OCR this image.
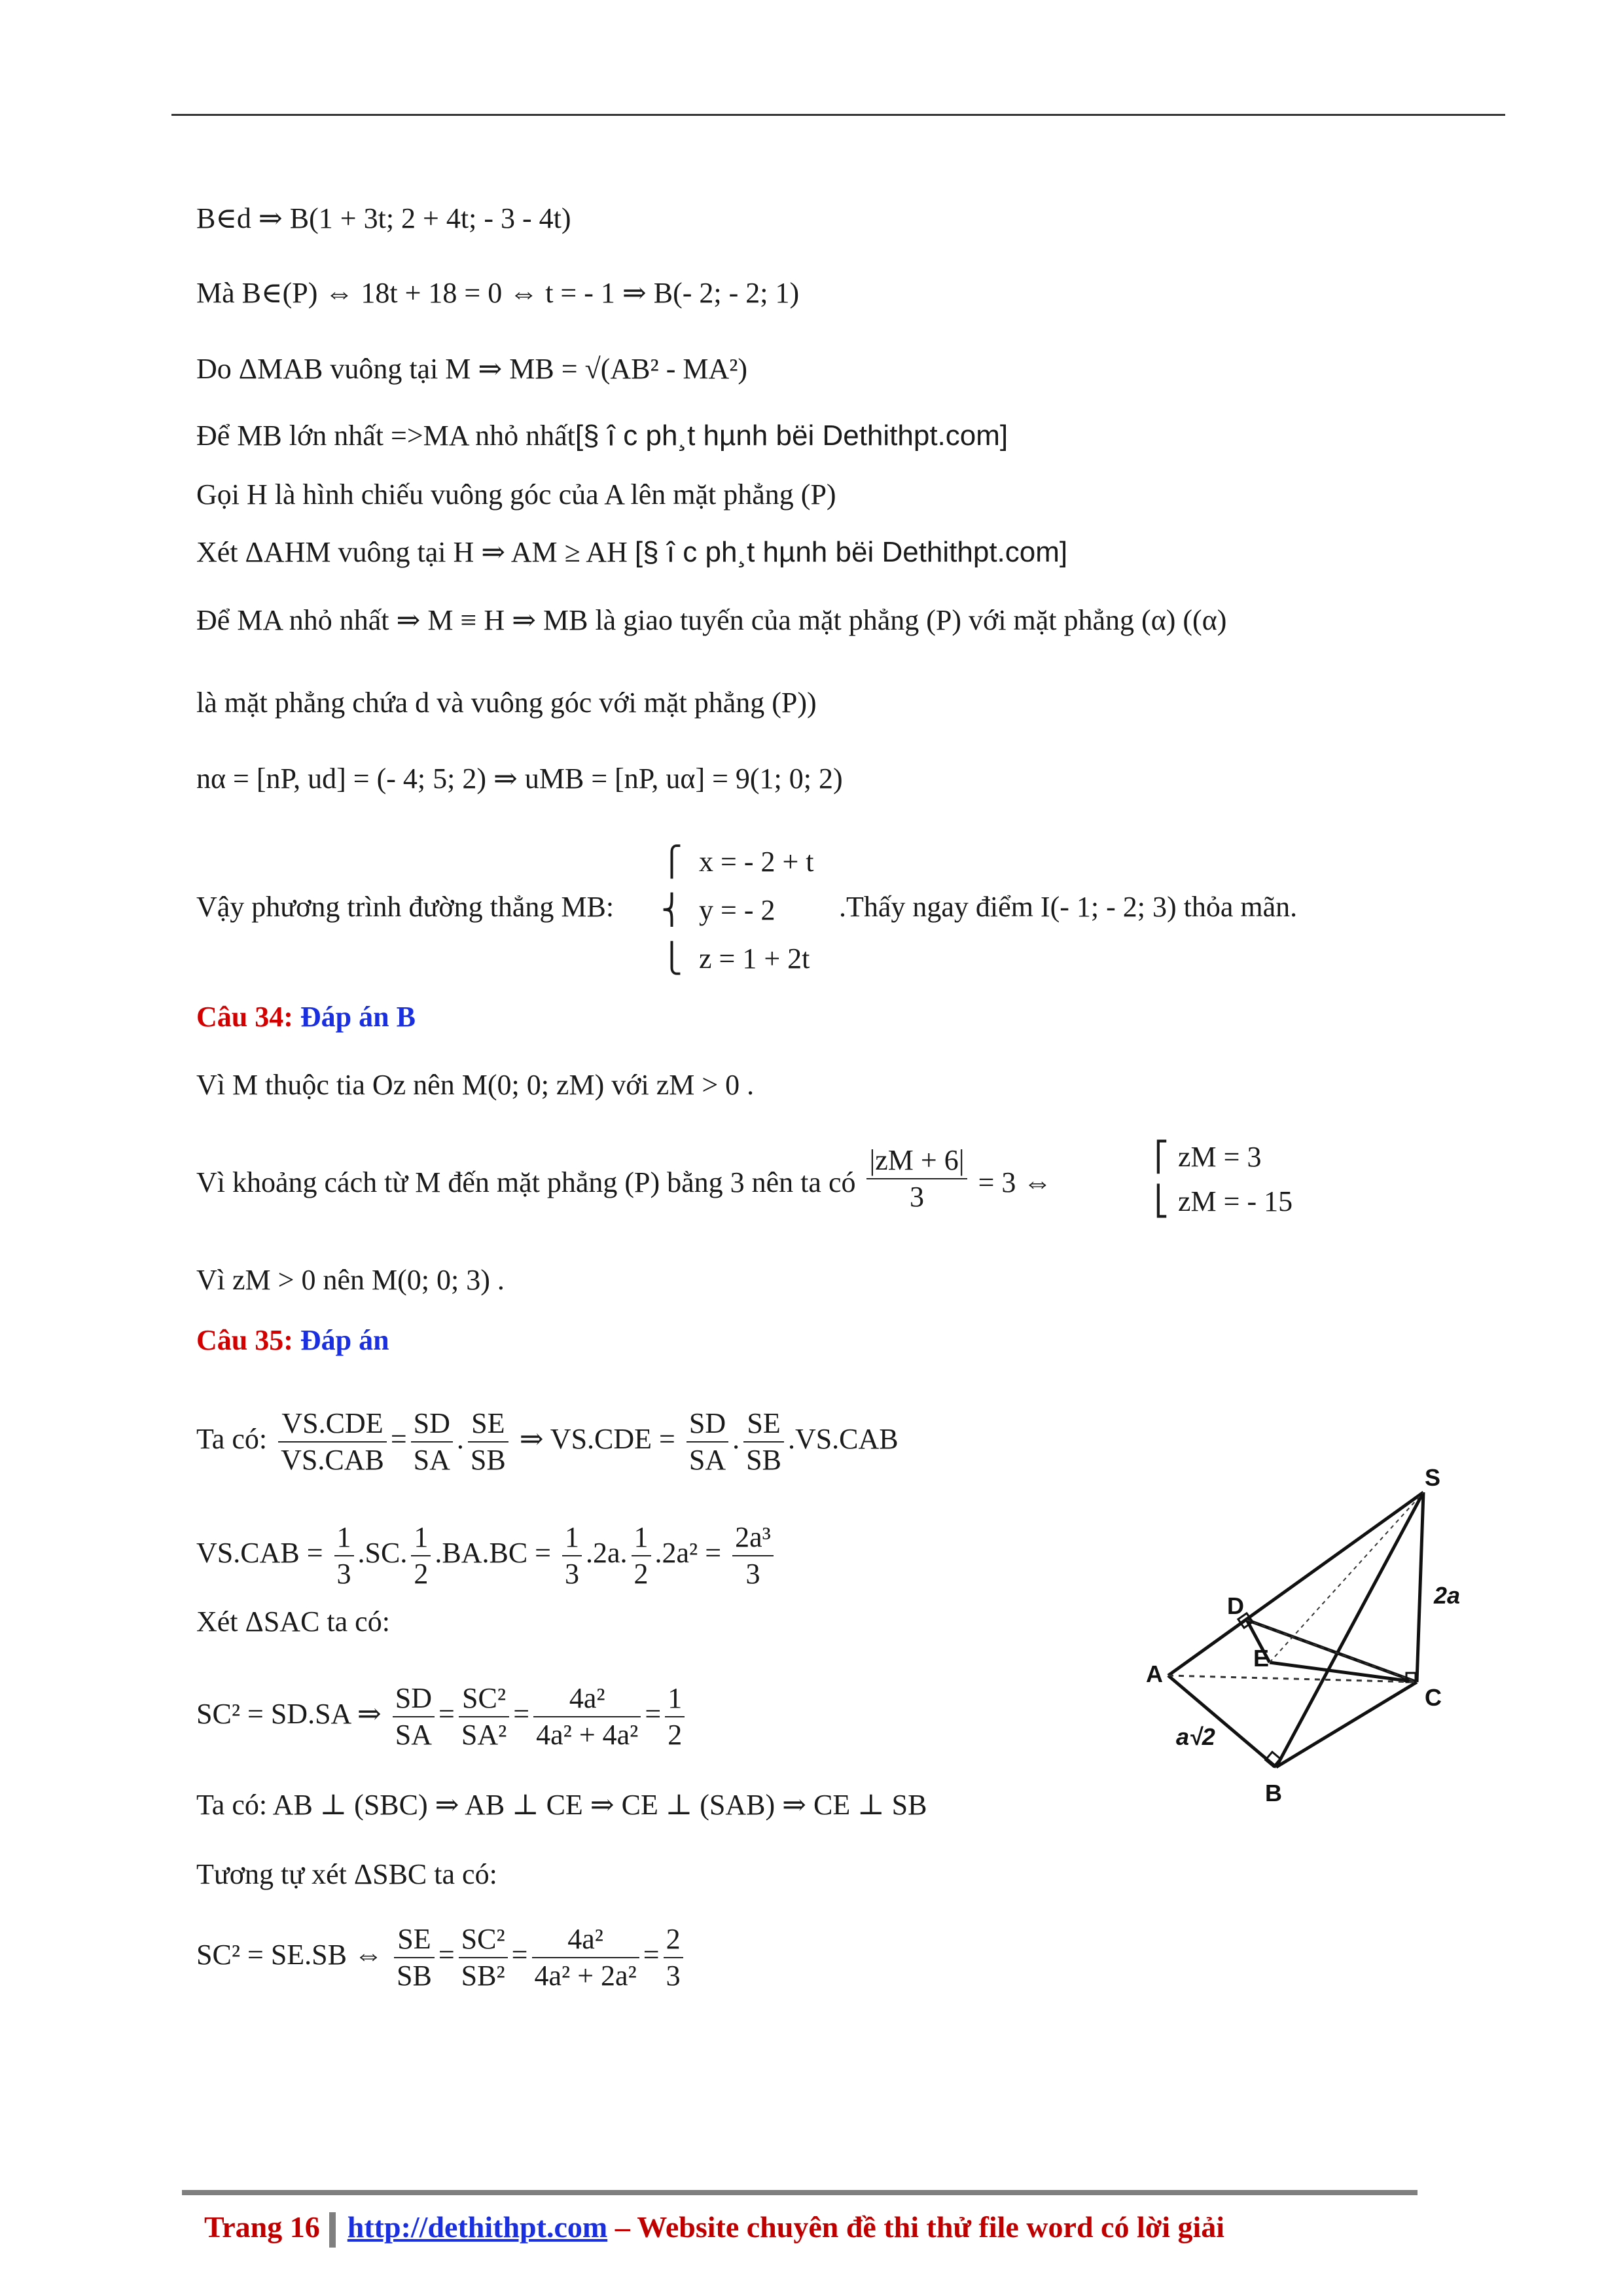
B∈d ⇒ B(1 + 3t; 2 + 4t; - 3 - 4t)
Mà B∈(P) ⇔ 18t + 18 = 0 ⇔ t = - 1 ⇒ B(- 2; - 2; 1)
Do ΔMAB vuông tại M ⇒ MB = √(AB² - MA²)
Để MB lớn nhất =>MA nhỏ nhất[§ î c ph¸t hµnh bëi Dethithpt.com]
Gọi H là hình chiếu vuông góc của A lên mặt phẳng (P)
Xét ΔAHM vuông tại H ⇒ AM ≥ AH [§ î c ph¸t hµnh bëi Dethithpt.com]
Để MA nhỏ nhất ⇒ M ≡ H ⇒ MB là giao tuyến của mặt phẳng (P) với mặt phẳng (α) ((α)
là mặt phẳng chứa d và vuông góc với mặt phẳng (P))
nα = [nP, ud] = (- 4; 5; 2) ⇒ uMB = [nP, uα] = 9(1; 0; 2)
Vậy phương trình đường thẳng MB:
⎧
⎨
⎩
x = - 2 + t
y = - 2
z = 1 + 2t
.Thấy ngay điểm I(- 1; - 2; 3) thỏa mãn.
Câu 34: Đáp án B
Vì M thuộc tia Oz nên M(0; 0; zM) với zM > 0 .
Vì khoảng cách từ M đến mặt phẳng (P) bằng 3 nên ta có $\frac{|zM + 6|}{3} = 3$ ⇔
⎡
⎣
zM = 3
zM = - 15
Vì zM > 0 nên M(0; 0; 3) .
Câu 35: Đáp án
Ta có: $\frac{\text{VS.CDE}}{\text{VS.CAB}} = \frac{SD}{SA}$ . $\frac{SE}{SB}$ ⇒ $VS.CDE = \frac{SD}{SA}$ . $\frac{SE}{SB} .VS.CAB$
$VS.CAB = \frac{1}{3} .SC$. $\frac{1}{2} .BA.BC = \frac{1}{3} .2a$. $\frac{1}{2} .2a^2 = \frac{\text{2a³}}{3}$
Xét ΔSAC ta có:
SC² = SD.SA ⇒ $\frac{SD}{SA} = \frac{\text{SC²}}{\text{SA²}} = \frac{\text{4a²}}{\text{4a² + 4a²}} = \frac{1}{2}$
Ta có: AB ⊥ (SBC) ⇒ AB ⊥ CE ⇒ CE ⊥ (SAB) ⇒ CE ⊥ SB
Tương tự xét ΔSBC ta có:
SC² = SE.SB ⇔ $\frac{SE}{SB} = \frac{\text{SC²}}{\text{SB²}} = \frac{\text{4a²}}{\text{4a² + 2a²}} = \frac{2}{3}$
S
D
E
A
C
B
2a
a√2
Trang 16 http://dethithpt.com – Website chuyên đề thi thử file word có lời giải
